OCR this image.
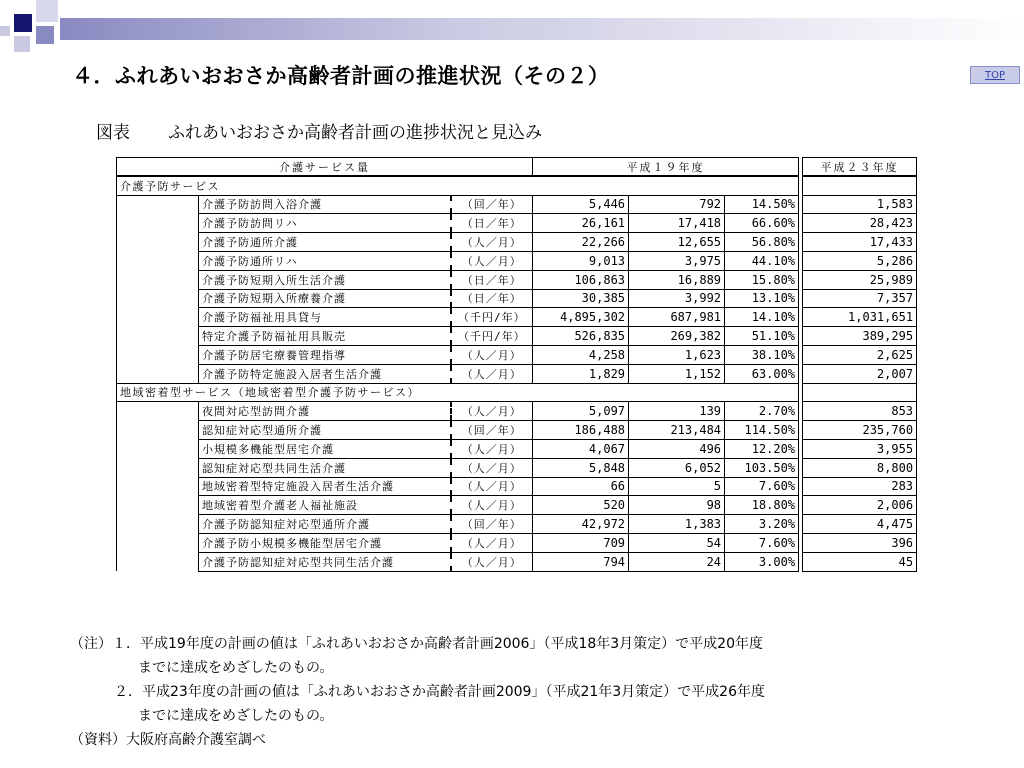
４．ふれあいおおさか高齢者計画の推進状況（その２）	TOP
図表 ふれあいおおさか高齢者計画の進捗状況と見込み
介護サービス量			平成１９年度				平成２３年度
介護予防サービス							
	介護予防訪問入浴介護	（回／年）	5,446	792	14.50%		1,583
	介護予防訪問リハ	（日／年）	26,161	17,418	66.60%		28,423
	介護予防通所介護	（人／月）	22,266	12,655	56.80%		17,433
	介護予防通所リハ	（人／月）	9,013	3,975	44.10%		5,286
	介護予防短期入所生活介護	（日／年）	106,863	16,889	15.80%		25,989
	介護予防短期入所療養介護	（日／年）	30,385	3,992	13.10%		7,357
	介護予防福祉用具貸与	（千円/年）	4,895,302	687,981	14.10%		1,031,651
	特定介護予防福祉用具販売	（千円/年）	526,835	269,382	51.10%		389,295
	介護予防居宅療養管理指導	（人／月）	4,258	1,623	38.10%		2,625
	介護予防特定施設入居者生活介護	（人／月）	1,829	1,152	63.00%		2,007
地域密着型サービス（地域密着型介護予防サービス）							
	夜間対応型訪問介護	（人／月）	5,097	139	2.70%		853
	認知症対応型通所介護	（回／年）	186,488	213,484	114.50%		235,760
	小規模多機能型居宅介護	（人／月）	4,067	496	12.20%		3,955
	認知症対応型共同生活介護	（人／月）	5,848	6,052	103.50%		8,800
	地域密着型特定施設入居者生活介護	（人／月）	66	5	7.60%		283
	地域密着型介護老人福祉施設	（人／月）	520	98	18.80%		2,006
	介護予防認知症対応型通所介護	（回／年）	42,972	1,383	3.20%		4,475
	介護予防小規模多機能型居宅介護	（人／月）	709	54	7.60%		396
	介護予防認知症対応型共同生活介護	（人／月）	794	24	3.00%		45
（注）１．平成19年度の計画の値は「ふれあいおおさか高齢者計画2006」（平成18年3月策定）で平成20年度
までに達成をめざしたのもの。
２．平成23年度の計画の値は「ふれあいおおさか高齢者計画2009」（平成21年3月策定）で平成26年度
までに達成をめざしたのもの。
（資料）大阪府高齢介護室調べ
